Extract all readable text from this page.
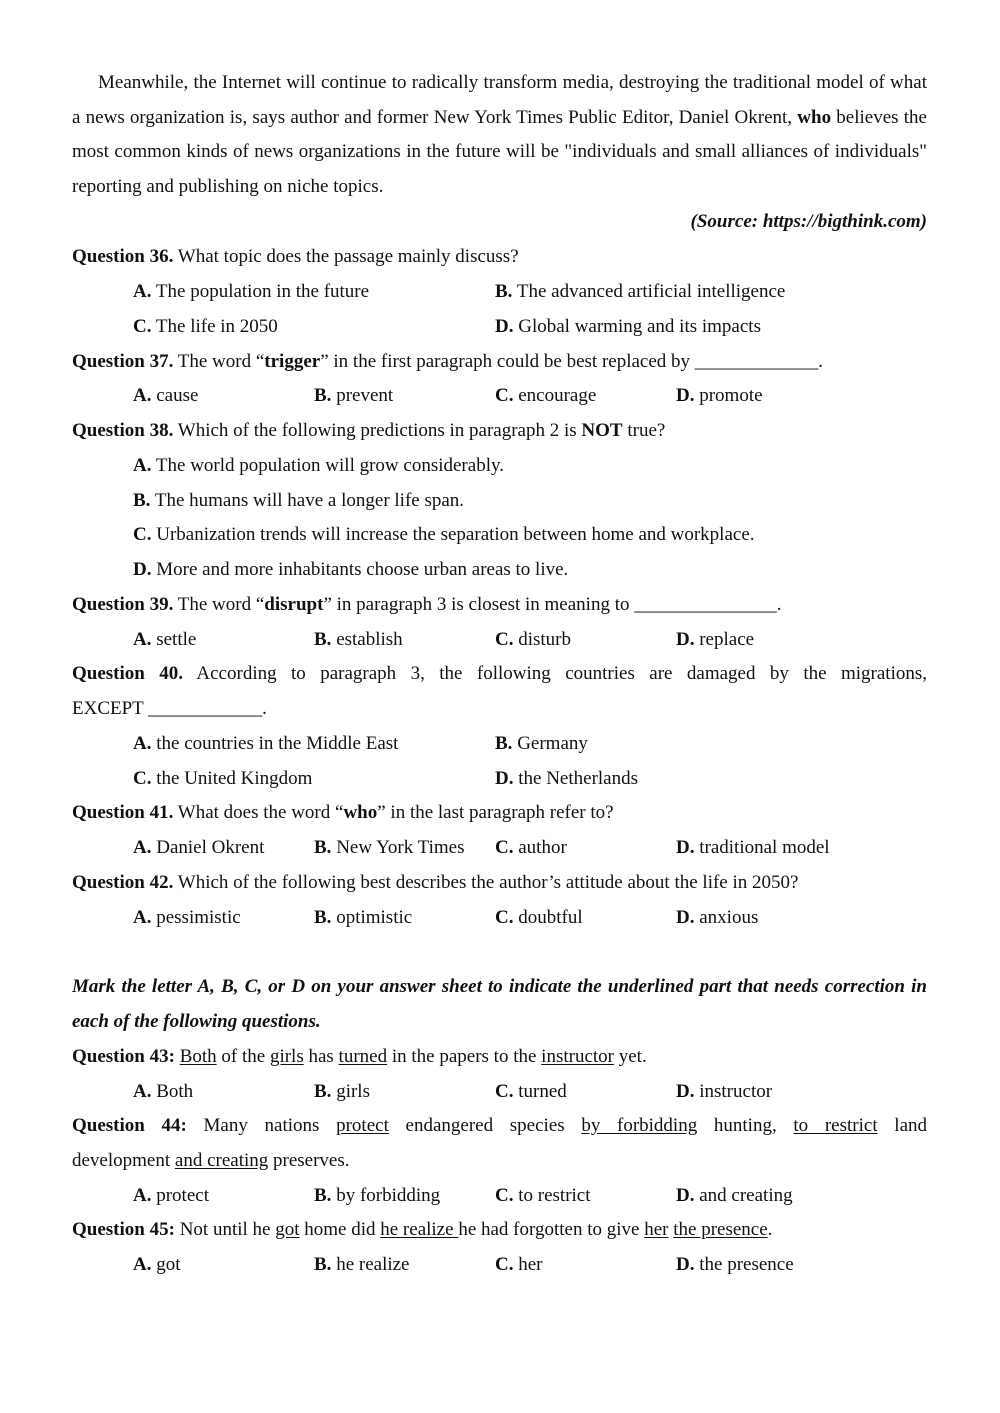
Meanwhile, the Internet will continue to radically transform media, destroying the traditional model of what a news organization is, says author and former New York Times Public Editor, Daniel Okrent, who believes the most common kinds of news organizations in the future will be "individuals and small alliances of individuals" reporting and publishing on niche topics.

(Source: https://bigthink.com)
Question 36. What topic does the passage mainly discuss?
A. The population in the future	B. The advanced artificial intelligence
C. The life in 2050	D. Global warming and its impacts
Question 37. The word “trigger” in the first paragraph could be best replaced by _____________.
A. cause	B. prevent	C. encourage	D. promote
Question 38. Which of the following predictions in paragraph 2 is NOT true?
A. The world population will grow considerably.
B. The humans will have a longer life span.
C. Urbanization trends will increase the separation between home and workplace.
D. More and more inhabitants choose urban areas to live.
Question 39. The word “disrupt” in paragraph 3 is closest in meaning to _______________.
A. settle	B. establish	C. disturb	D. replace
Question 40. According to paragraph 3, the following countries are damaged by the migrations,
EXCEPT ____________.
A. the countries in the Middle East	B. Germany
C. the United Kingdom	D. the Netherlands
Question 41. What does the word “who” in the last paragraph refer to?
A. Daniel Okrent	B. New York Times C. author	D. traditional model
Question 42. Which of the following best describes the author’s attitude about the life in 2050?
A. pessimistic	B. optimistic	C. doubtful	D. anxious

Mark the letter A, B, C, or D on your answer sheet to indicate the underlined part that needs correction in each of the following questions.

Question 43: Both of the girls has turned in the papers to the instructor yet.
A. Both	B. girls	C. turned	D. instructor
Question 44: Many nations protect endangered species by forbidding hunting, to restrict land
development and creating preserves.
A. protect	B. by forbidding	C. to restrict	D. and creating
Question 45: Not until he got home did he realize he had forgotten to give her the presence.
A. got	B. he realize	C. her	D. the presence
